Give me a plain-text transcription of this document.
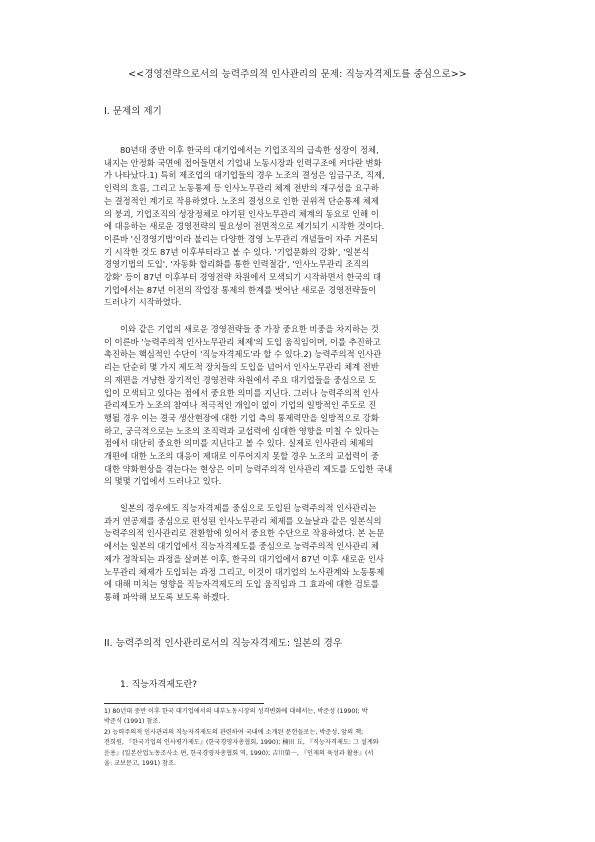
<<경영전략으로서의 능력주의적 인사관리의 문제: 직능자격제도를 중심으로>>
I. 문제의 제기
80년대 중반 이후 한국의 대기업에서는 기업조직의 급속한 성장이 정체,
내지는 안정화 국면에 접어들면서 기업내 노동시장과 인력구조에 커다란 변화
가 나타났다.1) 특히 제조업의 대기업들의 경우 노조의 결성은 임금구조, 직제,
인력의 흐름, 그리고 노동통제 등 인사노무관리 체계 전반의 재구성을 요구하
는 결정적인 계기로 작용하였다. 노조의 결성으로 인한 권위적 단순통제 체제
의 붕괴, 기업조직의 성장정체로 야기된 인사노무관리 체계의 동요로 인해 이
에 대응하는 새로운 경영전략의 필요성이 전면적으로 제기되기 시작한 것이다.
이른바 '신경영기법'이라 불리는 다양한 경영 노무관리 개념들이 자주 거론되
기 시작한 것도 87년 이후부터라고 볼 수 있다. '기업문화의 강화', '일본식
경영기법의 도입', '자동화 합리화를 통한 인력절감', '인사노무관리 조직의
강화' 등이 87년 이후부터 경영전략 차원에서 모색되기 시작하면서 한국의 대
기업에서는 87년 이전의 작업장 통제의 한계를 벗어난 새로운 경영전략들이
드러나기 시작하였다.
이와 같은 기업의 새로운 경영전략들 중 가장 중요한 비중을 차지하는 것
이 이른바 '능력주의적 인사노무관리 체제'의 도입 움직임이며, 이를 추진하고
촉진하는 핵심적인 수단이 '직능자격제도'라 할 수 있다.2) 능력주의적 인사관
리는 단순히 몇 가지 제도적 장치들의 도입을 넘어서 인사노무관리 체계 전반
의 재편을 겨냥한 장기적인 경영전략 차원에서 주요 대기업들을 중심으로 도
입이 모색되고 있다는 점에서 중요한 의미를 지닌다. 그러나 능력주의적 인사
관리제도가 노조의 참여나 적극적인 개입이 없이 기업의 일방적인 주도로 진
행될 경우 이는 결국 생산현장에 대한 기업 측의 통제력만을 일방적으로 강화
하고, 궁극적으로는 노조의 조직력과 교섭력에 심대한 영향을 미칠 수 있다는
점에서 대단히 중요한 의미를 지닌다고 볼 수 있다. 실제로 인사관리 체제의
개편에 대한 노조의 대응이 제대로 이루어지지 못할 경우 노조의 교섭력이 중
대한 약화현상을 겪는다는 현상은 이미 능력주의적 인사관리 제도를 도입한 국내
의 몇몇 기업에서 드러나고 있다.
일본의 경우에도 직능자격제를 중심으로 도입된 능력주의적 인사관리는
과거 연공제를 중심으로 편성된 인사노무관리 체제를 오늘날과 같은 일본식의
능력주의적 인사관리로 전환함에 있어서 중요한 수단으로 작용하였다. 본 논문
에서는 일본의 대기업에서 직능자격제도를 중심으로 능력주의적 인사관리 체
제가 정착되는 과정을 살펴본 이후, 한국의 대기업에서 87년 이후 새로운 인사
노무관리 체제가 도입되는 과정 그리고, 이것이 대기업의 노사관계와 노동통제
에 대해 미치는 영향을 직능자격제도의 도입 움직임과 그 효과에 대한 검토를
통해 파악해 보도록 보도록 하겠다.
II. 능력주의적 인사관리로서의 직능자격제도: 일본의 경우
1. 직능자격제도란?
1) 80년대 중반 이후 한국 대기업에서의 내부노동시장의 성격변화에 대해서는, 박준성 (1990); 박
박준식 (1991) 참조.
2) 능력주의적 인사관리의 직능자격제도의 관련하여 국내에 소개된 문헌들로는, 박준성, 앞의 책;
전희원, 『한국기업의 인사평가제도』(한국경영자총협회, 1990); 楠田 丘, 『직능자격제도: 그 설계와
운용』(일본산업노동조사소 편, 한국경영자총협회 역, 1990); 吉川榮一, 『인재의 육성과 활용』(서
울: 교보문고, 1991) 참조.
